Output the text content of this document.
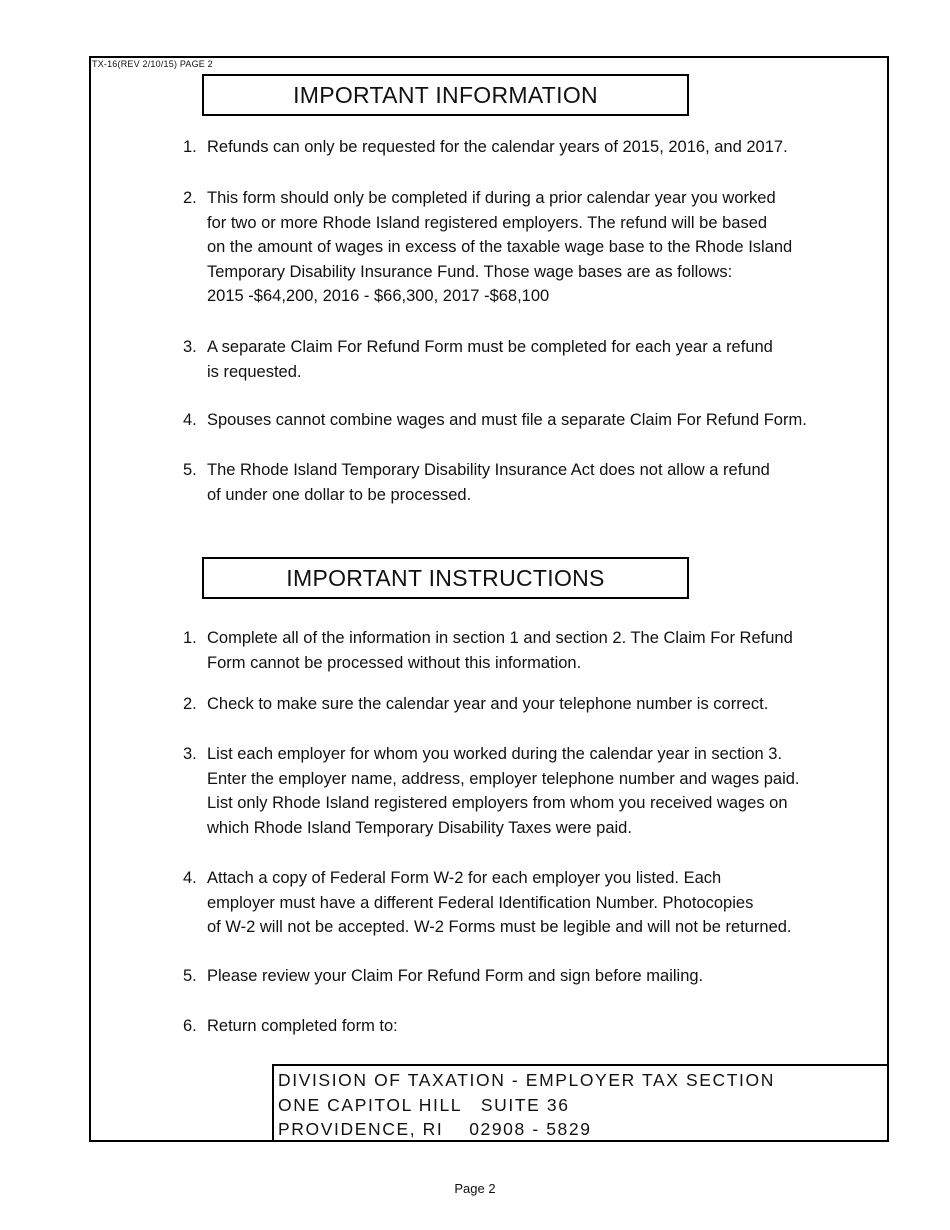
TX-16(REV 2/10/15) PAGE 2
IMPORTANT INFORMATION
1. Refunds can only be requested for the calendar years of 2015, 2016, and 2017.
2. This form should only be completed if during a prior calendar year you worked
for two or more Rhode Island registered employers. The refund will be based
on the amount of wages in excess of the taxable wage base to the Rhode Island
Temporary Disability Insurance Fund. Those wage bases are as follows:
2015 -$64,200, 2016 - $66,300, 2017 -$68,100
3. A separate Claim For Refund Form must be completed for each year a refund
is requested.
4. Spouses cannot combine wages and must file a separate Claim For Refund Form.
5. The Rhode Island Temporary Disability Insurance Act does not allow a refund
of under one dollar to be processed.
IMPORTANT INSTRUCTIONS
1. Complete all of the information in section 1 and section 2. The Claim For Refund
Form cannot be processed without this information.
2. Check to make sure the calendar year and your telephone number is correct.
3. List each employer for whom you worked during the calendar year in section 3.
Enter the employer name, address, employer telephone number and wages paid.
List only Rhode Island registered employers from whom you received wages on
which Rhode Island Temporary Disability Taxes were paid.
4. Attach a copy of Federal Form W-2 for each employer you listed. Each
employer must have a different Federal Identification Number. Photocopies
of W-2 will not be accepted. W-2 Forms must be legible and will not be returned.
5. Please review your Claim For Refund Form and sign before mailing.
6. Return completed form to:
DIVISION OF TAXATION - EMPLOYER TAX SECTION
ONE CAPITOL HILL   SUITE 36
PROVIDENCE, RI    02908 - 5829
Page 2
